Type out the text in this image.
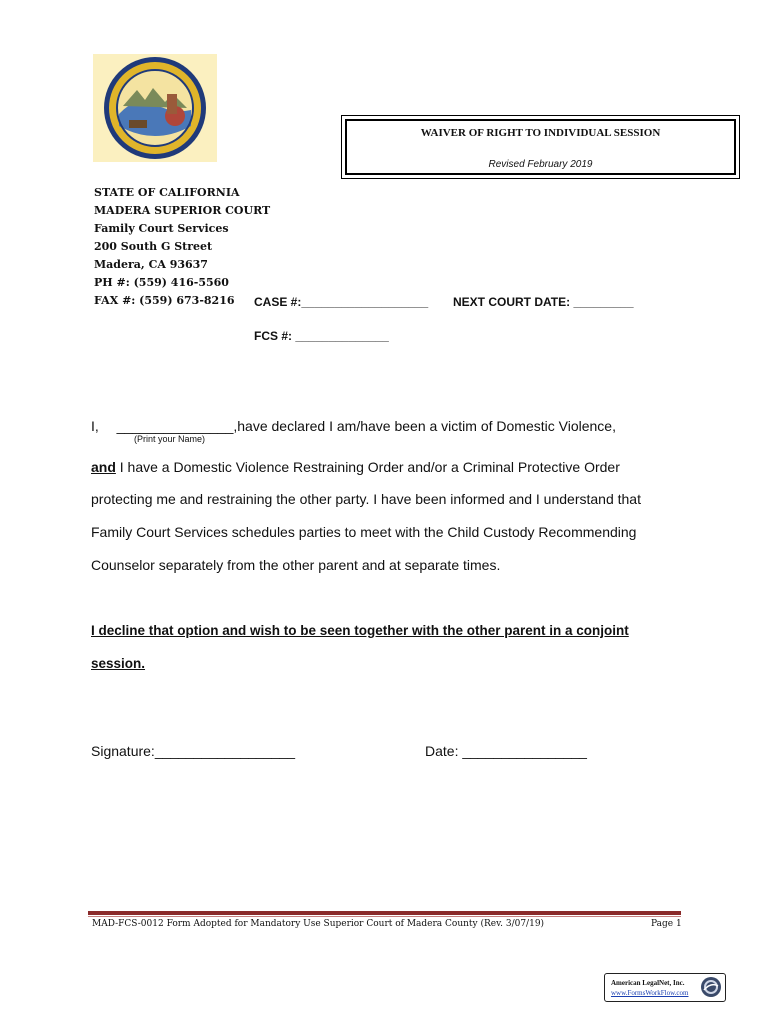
WAIVER OF RIGHT TO INDIVIDUAL SESSION
Revised February 2019
STATE OF CALIFORNIA
MADERA SUPERIOR COURT
Family Court Services
200 South G Street
Madera, CA 93637
PH #: (559) 416-5560
FAX #: (559) 673-8216	CASE #:___________________ NEXT COURT DATE: _________
FCS #: ______________
I, _______________,have declared I am/have been a victim of Domestic Violence,
(Print your Name)
and I have a Domestic Violence Restraining Order and/or a Criminal Protective Order
protecting me and restraining the other party. I have been informed and I understand that
Family Court Services schedules parties to meet with the Child Custody Recommending
Counselor separately from the other parent and at separate times.
I decline that option and wish to be seen together with the other parent in a conjoint
session.
Signature:__________________	Date: ________________
MAD-FCS-0012 Form Adopted for Mandatory Use Superior Court of Madera County (Rev. 3/07/19)	Page 1
American LegalNet, Inc.
www.FormsWorkFlow.com
